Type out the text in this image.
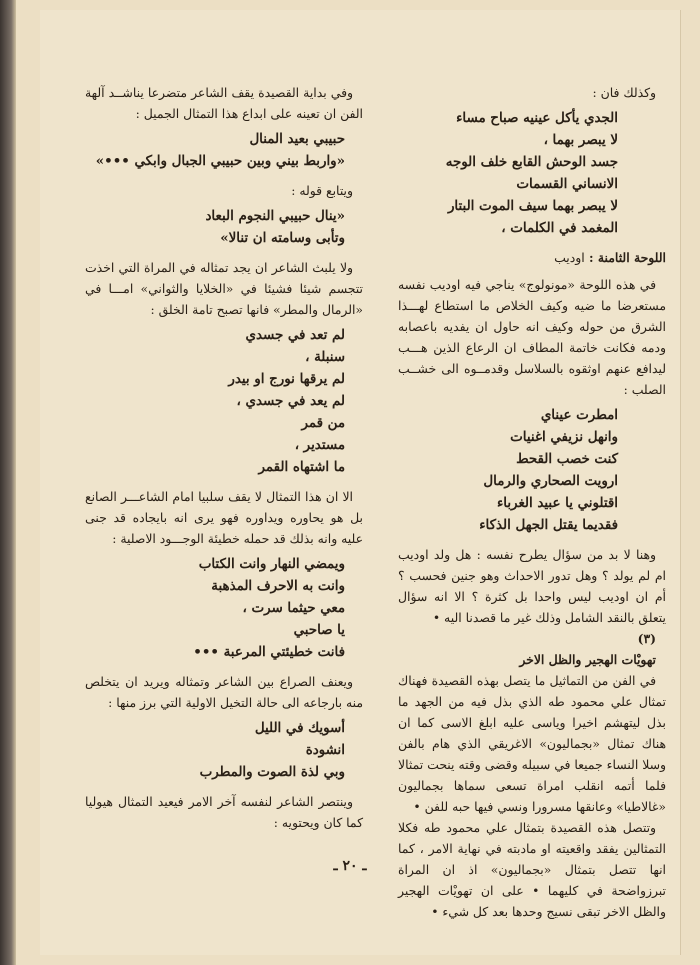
وكذلك فان :

الجدي يأكل عينيه صباح مساء
لا يبصر بهما ،
جسد الوحش القابع خلف الوجه
الانساني القسمات
لا يبصر بهما سيف الموت البتار
المغمد في الكلمات ،
اللوحة الثامنة : اوديب

في هذه اللوحة «مونولوج» يناجي فيه اوديب نفسه مستعرضا ما ضيه وكيف الخلاص ما استطاع لهـــذا الشرق من حوله وكيف انه حاول ان يفديه باعصابه ودمه فكانت خاتمة المطاف ان الرعاع الذين هـــب ليدافع عنهم اوثقوه بالسلاسل وقدمــوه الى خشــب الصلب :

امطرت عيناي
وانهل نزيفي اغنيات
كنت خصب القحط
ارويت الصحاري والرمال
اقتلوني يا عبيد الغرباء
فقديما يقتل الجهل الذكاء

وهنا لا بد من سؤال يطرح نفسه : هل ولد اوديب ام لم يولد ؟ وهل تدور الاحداث وهو جنين فحسب ؟ أم ان اوديب ليس واحدا بل كثرة ؟ الا انه سؤال يتعلق بالنقد الشامل وذلك غير ما قصدنا اليه •

(٣)

تهويْات الهجير والظل الاخر

في الفن من التماثيل ما يتصل بهذه القصيدة فهناك تمثال علي محمود طه الذي بذل فيه من الجهد ما بذل ليتهشم اخيرا وياسى عليه ابلغ الاسى كما ان هناك تمثال «بجماليون» الاغريقي الذي هام بالفن وسلا النساء جميعا في سبيله وقضى وقته ينحت تمثالا فلما أتمه انقلب امراة تسعى سماها بجماليون «غالاطيا» وعانقها مسرورا ونسي فيها حبه للفن •

وتتصل هذه القصيدة بتمثال علي محمود طه فكلا التمثالين يفقد واقعيته او مادبته في نهاية الامر ، كما انها تتصل بتمثال «بجماليون» اذ ان المراة تبرزواضحة في كليهما • على ان تهويْات الهجير والظل الاخر تبقى نسيج وحدها بعد كل شيء •

وفي بداية القصيدة يقف الشاعر متضرعا يناشــد آلهة الفن ان تعينه على ابداع هذا التمثال الجميل :

حبيبي بعيد المنال
«واربط بيني وبين حبيبي الجبال وابكي •••»

ويتابع قوله :

«ينال حبيبي النجوم البعاد
وتأبى وسامته ان تنالا»

ولا يلبث الشاعر ان يجد تمثاله في المراة التي اخذت تتجسم شيئا فشيئا في «الخلايا والثواني» امـــا في «الرمال والمطر» فانها تصبح تامة الخلق :

لم تعد في جسدي
سنبلة ،
لم يرقها نورج او بيدر
لم يعد في جسدي ،
من قمر
مستدير ،
ما اشتهاه القمر

الا ان هذا التمثال لا يقف سلبيا امام الشاعـــر الصانع بل هو يحاوره ويداوره فهو يرى انه بايجاده قد جنى عليه وانه بذلك قد حمله خطيئة الوجـــود الاصلية :

ويمضي النهار وانت الكتاب
وانت به الاحرف المذهبة
معي حيثما سرت ،
يا صاحبي
فانت خطيئتي المرعبة •••

ويعنف الصراع بين الشاعر وتمثاله ويريد ان يتخلص منه بارجاعه الى حالة التخيل الاولية التي برز منها :

أسويك في الليل
انشودة
وبي لذة الصوت والمطرب

وينتصر الشاعر لنفسه آخر الامر فيعيد التمثال هيوليا كما كان ويحتويه :

ـ ٢٠ ـ
